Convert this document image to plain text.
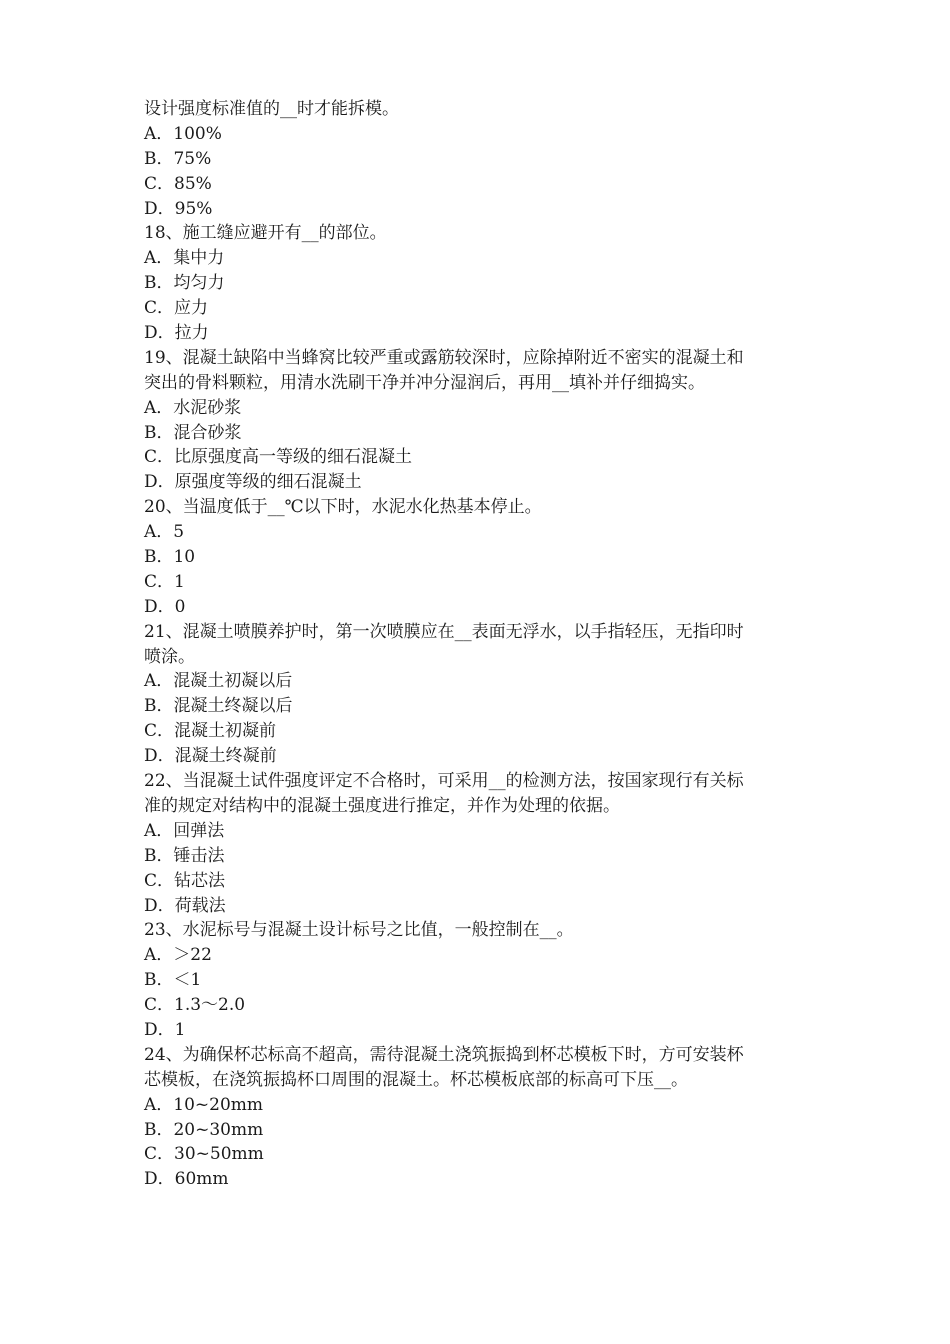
设计强度标准值的__时才能拆模。

A．100%

B．75%

C．85%

D．95%

18、施工缝应避开有__的部位。

A．集中力

B．均匀力

C．应力

D．拉力

19、混凝土缺陷中当蜂窝比较严重或露筋较深时，应除掉附近不密实的混凝土和

突出的骨料颗粒，用清水洗刷干净并冲分湿润后，再用__填补并仔细捣实。

A．水泥砂浆

B．混合砂浆

C．比原强度高一等级的细石混凝土

D．原强度等级的细石混凝土

20、当温度低于__℃以下时，水泥水化热基本停止。

A．5

B．10

C．1

D．0

21、混凝土喷膜养护时，第一次喷膜应在__表面无浮水，以手指轻压，无指印时

喷涂。

A．混凝土初凝以后

B．混凝土终凝以后

C．混凝土初凝前

D．混凝土终凝前

22、当混凝土试件强度评定不合格时，可采用__的检测方法，按国家现行有关标

准的规定对结构中的混凝土强度进行推定，并作为处理的依据。

A．回弹法

B．锤击法

C．钻芯法

D．荷载法

23、水泥标号与混凝土设计标号之比值，一般控制在__。

A．＞22

B．＜1

C．1.3～2.0

D．1

24、为确保杯芯标高不超高，需待混凝土浇筑振捣到杯芯模板下时，方可安装杯

芯模板，在浇筑振捣杯口周围的混凝土。杯芯模板底部的标高可下压__。

A．10~20mm

B．20~30mm

C．30~50mm

D．60mm
